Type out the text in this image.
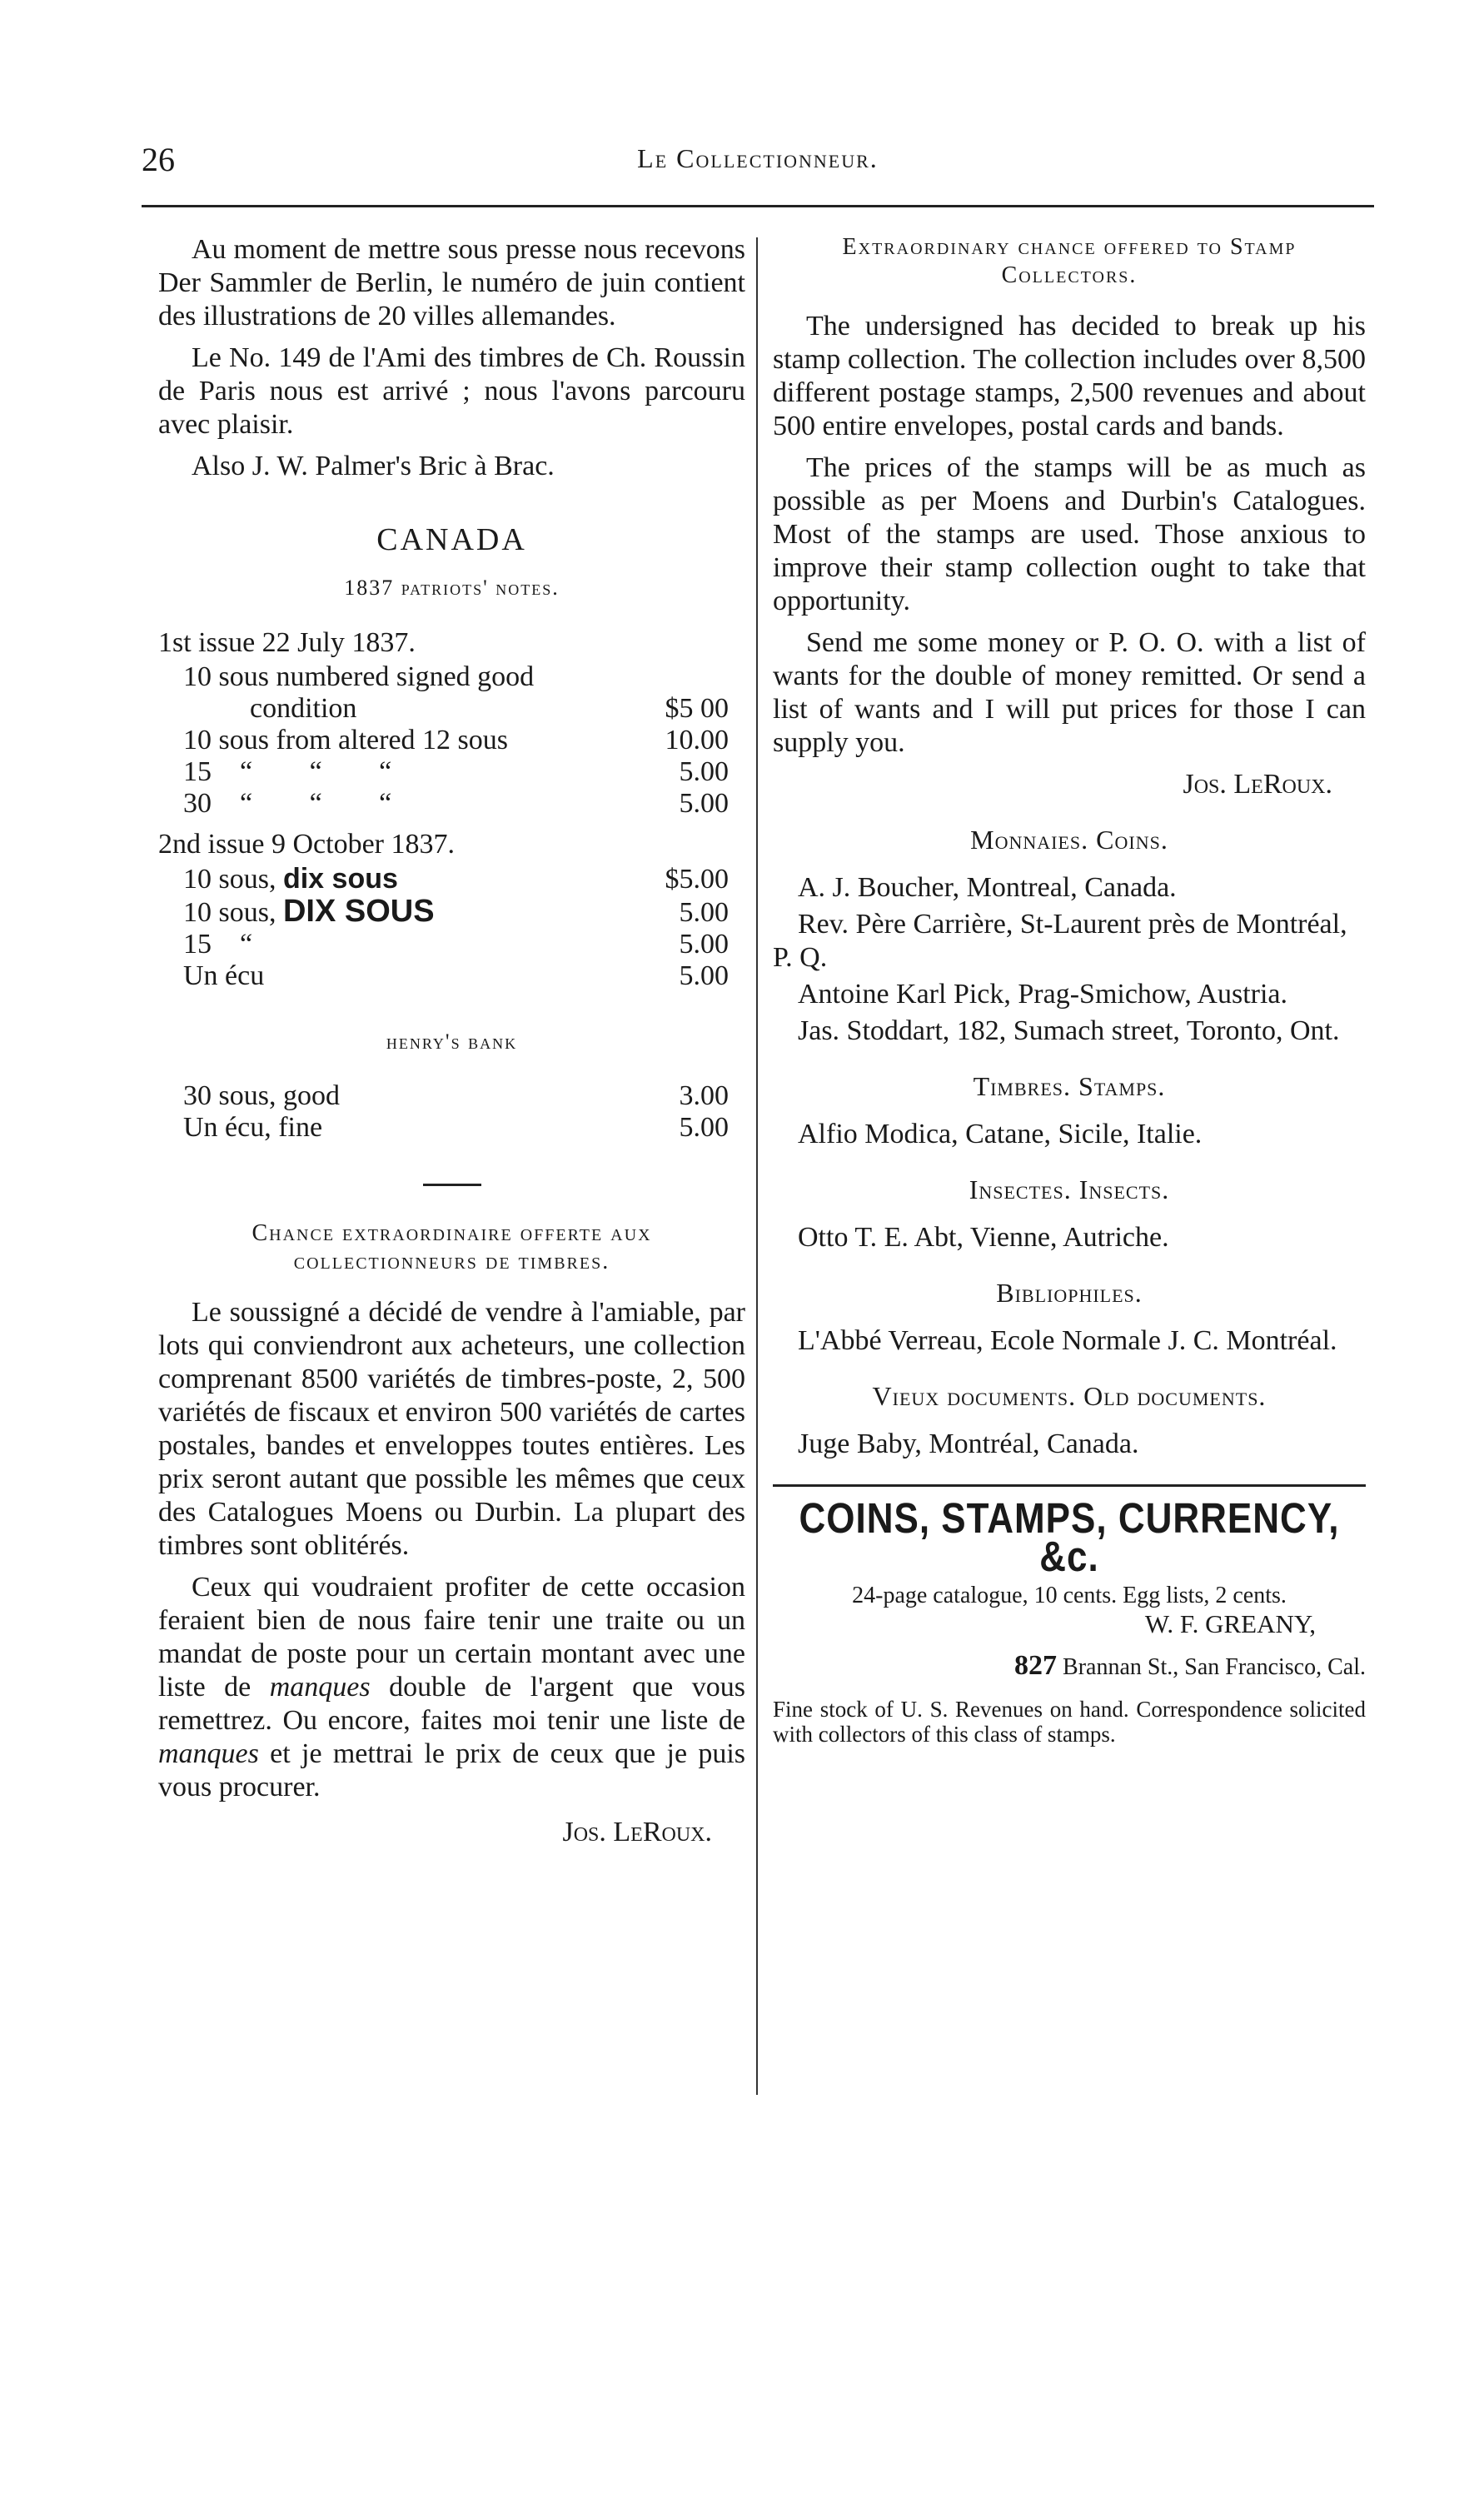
26	Le Collectionneur.

Au moment de mettre sous presse nous recevons Der Sammler de Berlin, le numéro de juin contient des illustrations de 20 villes allemandes.

Le No. 149 de l'Ami des timbres de Ch. Roussin de Paris nous est arrivé ; nous l'avons parcouru avec plaisir.

Also J. W. Palmer's Bric à Brac.

CANADA
1837 patriots' notes.
1st issue 22 July 1837.
10 sous numbered signed good	
condition	$5 00
10 sous from altered 12 sous	10.00
15 “ “ “	5.00
30 “ “ “	5.00
2nd issue 9 October 1837.
10 sous, dix sous	$5.00
10 sous, DIX SOUS	5.00
15 “	5.00
Un écu	5.00
henry's bank
30 sous, good	3.00
Un écu, fine	5.00
Chance extraordinaire offerte aux collectionneurs de timbres.

Le soussigné a décidé de vendre à l'amiable, par lots qui conviendront aux acheteurs, une collection comprenant 8500 variétés de timbres-poste, 2, 500 variétés de fiscaux et environ 500 variétés de cartes postales, bandes et enveloppes toutes entières. Les prix seront autant que possible les mêmes que ceux des Catalogues Moens ou Durbin. La plupart des timbres sont oblitérés.

Ceux qui voudraient profiter de cette occasion feraient bien de nous faire tenir une traite ou un mandat de poste pour un certain montant avec une liste de manques double de l'argent que vous remettrez. Ou encore, faites moi tenir une liste de manques et je mettrai le prix de ceux que je puis vous procurer.

Jos. LeRoux.
Extraordinary chance offered to Stamp Collectors.

The undersigned has decided to break up his stamp collection. The collection includes over 8,500 different postage stamps, 2,500 revenues and about 500 entire envelopes, postal cards and bands.

The prices of the stamps will be as much as possible as per Moens and Durbin's Catalogues. Most of the stamps are used. Those anxious to improve their stamp collection ought to take that opportunity.

Send me some money or P. O. O. with a list of wants for the double of money remitted. Or send a list of wants and I will put prices for those I can supply you.

Jos. LeRoux.
Monnaies. Coins.

A. J. Boucher, Montreal, Canada.

Rev. Père Carrière, St-Laurent près de Montréal, P. Q.

Antoine Karl Pick, Prag-Smichow, Austria.

Jas. Stoddart, 182, Sumach street, Toronto, Ont.

Timbres. Stamps.

Alfio Modica, Catane, Sicile, Italie.

Insectes. Insects.

Otto T. E. Abt, Vienne, Autriche.

Bibliophiles.

L'Abbé Verreau, Ecole Normale J. C. Montréal.

Vieux documents. Old documents.

Juge Baby, Montréal, Canada.

COINS, STAMPS, CURRENCY, &c.
24-page catalogue, 10 cents. Egg lists, 2 cents.
W. F. GREANY,
827 Brannan St., San Francisco, Cal.
Fine stock of U. S. Revenues on hand. Correspondence solicited with collectors of this class of stamps.
